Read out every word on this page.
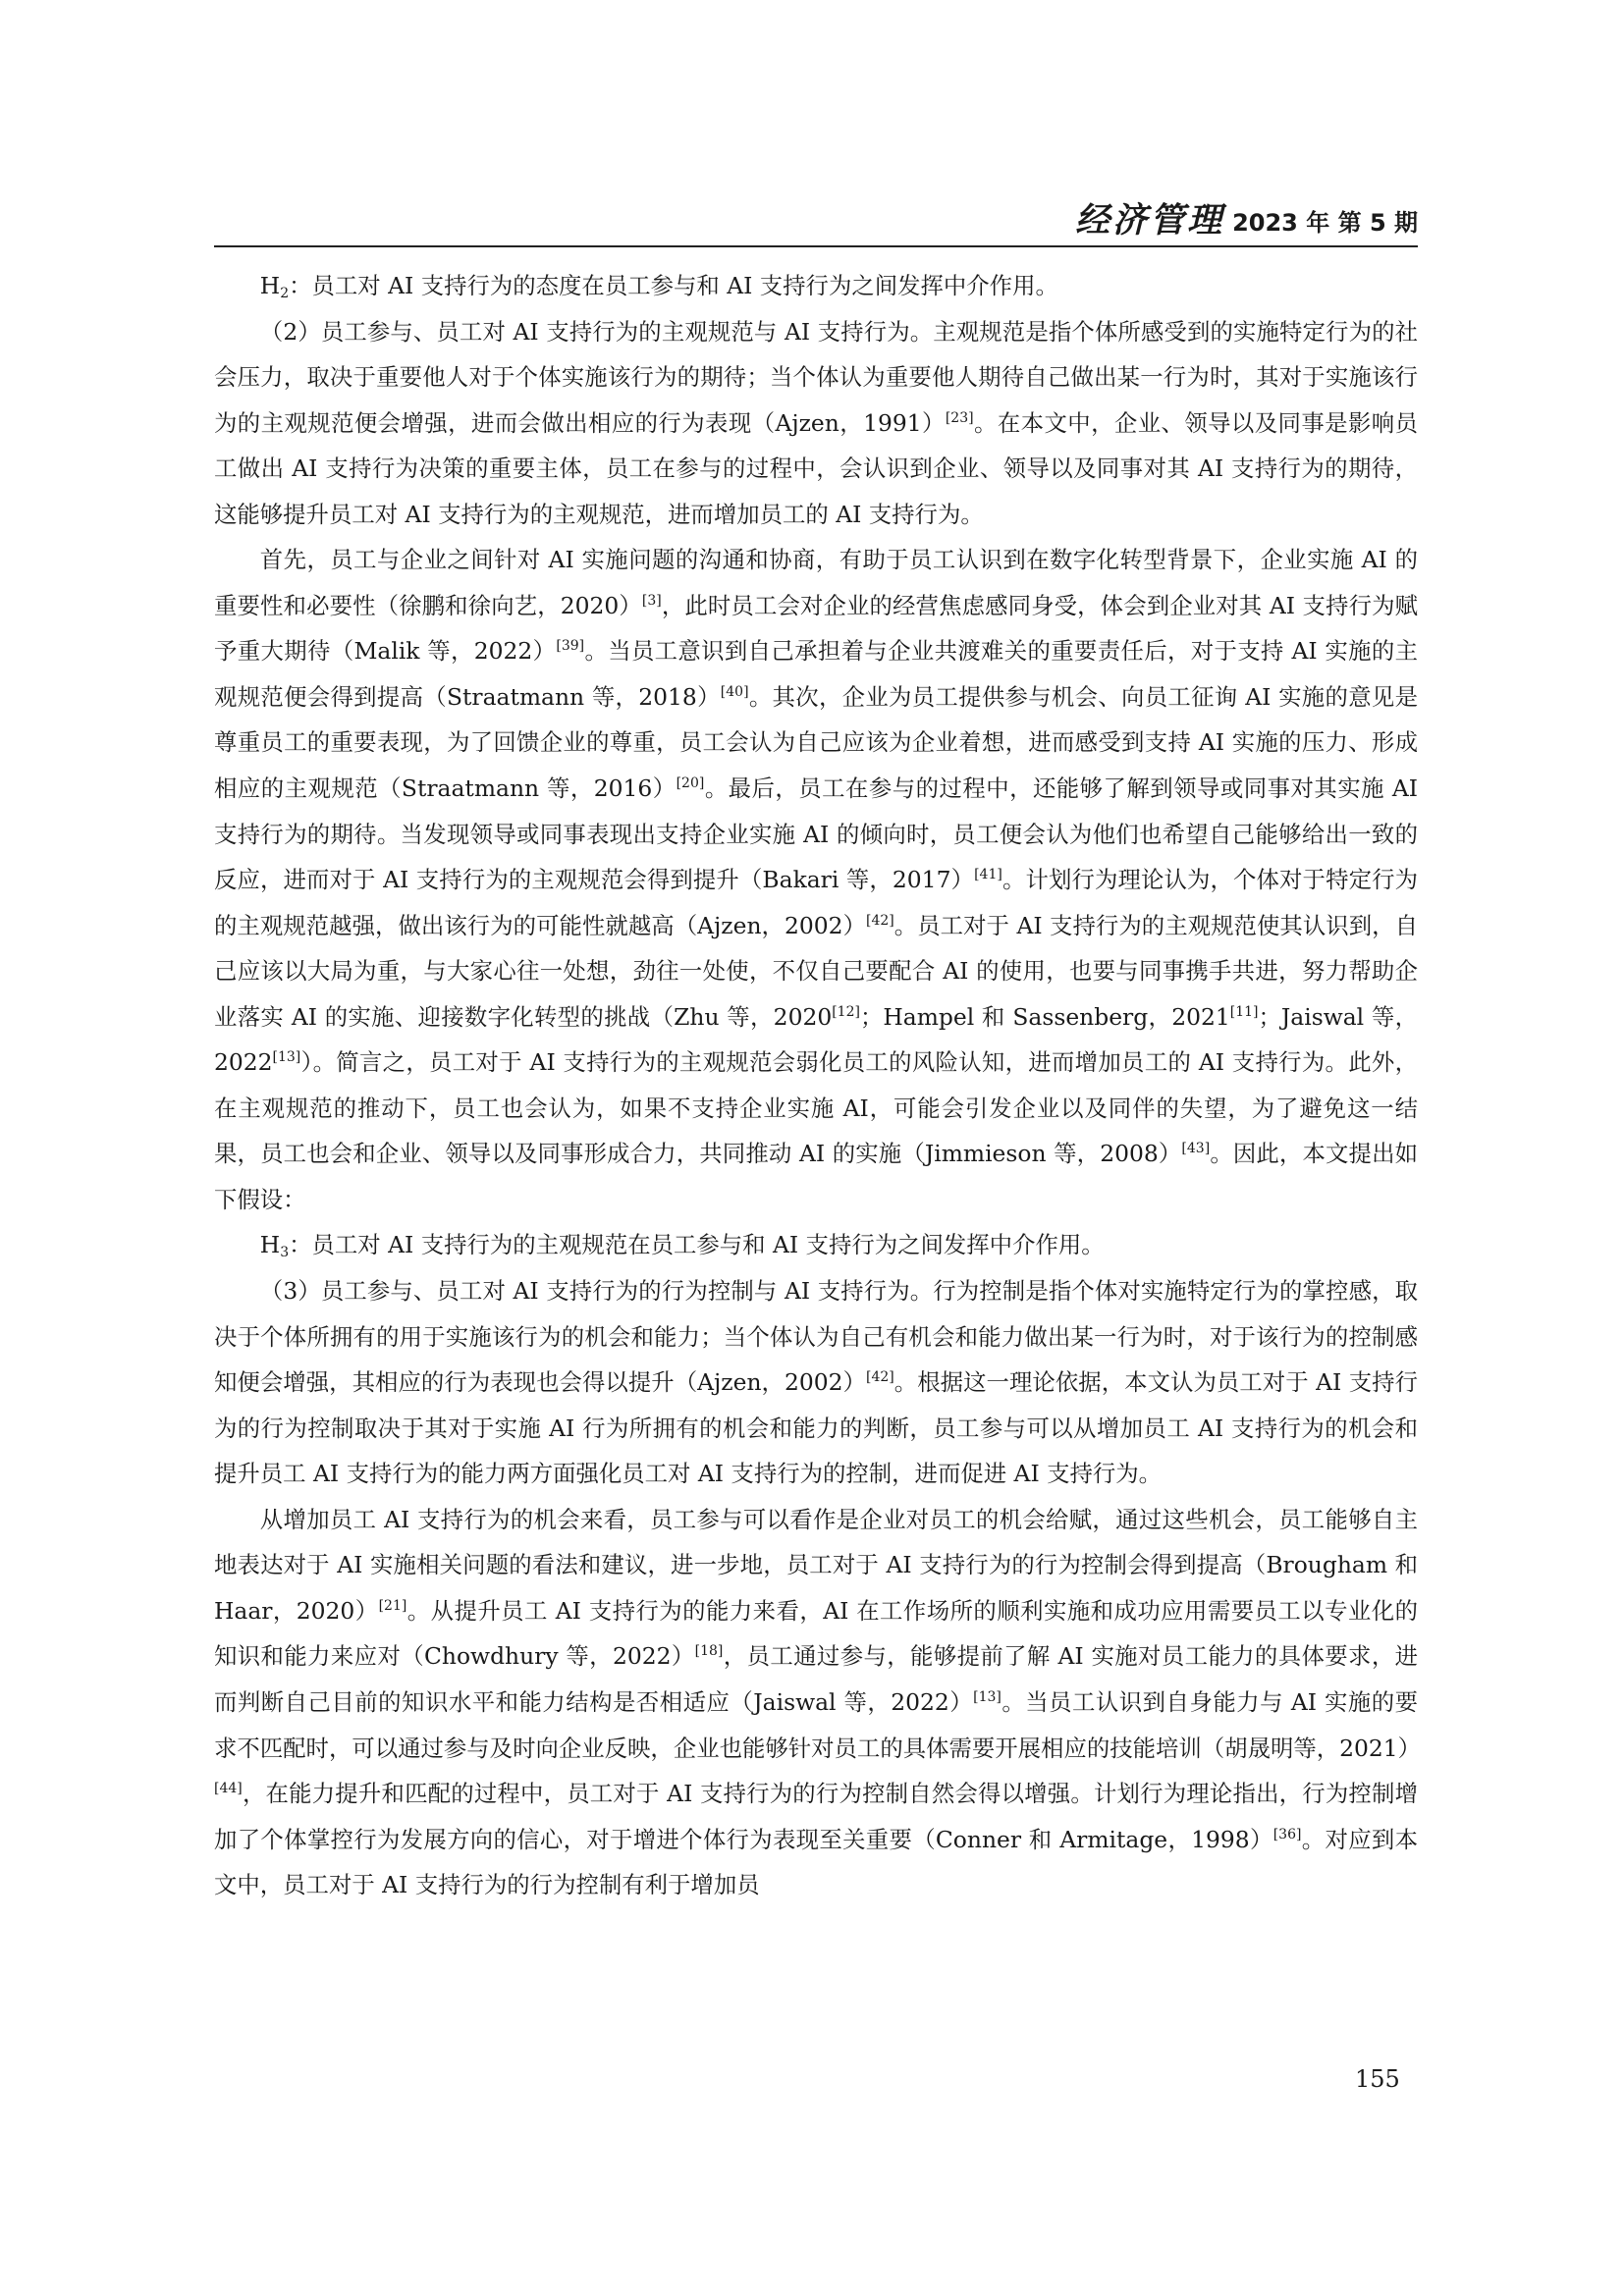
经济管理 2023 年 第 5 期

$H_2$：员工对 AI 支持行为的态度在员工参与和 AI 支持行为之间发挥中介作用。

（2）员工参与、员工对 AI 支持行为的主观规范与 AI 支持行为。主观规范是指个体所感受到的实施特定行为的社会压力，取决于重要他人对于个体实施该行为的期待；当个体认为重要他人期待自己做出某一行为时，其对于实施该行为的主观规范便会增强，进而会做出相应的行为表现（Ajzen，1991）[23]。在本文中，企业、领导以及同事是影响员工做出 AI 支持行为决策的重要主体，员工在参与的过程中，会认识到企业、领导以及同事对其 AI 支持行为的期待，这能够提升员工对 AI 支持行为的主观规范，进而增加员工的 AI 支持行为。

首先，员工与企业之间针对 AI 实施问题的沟通和协商，有助于员工认识到在数字化转型背景下，企业实施 AI 的重要性和必要性（徐鹏和徐向艺，2020）[3]，此时员工会对企业的经营焦虑感同身受，体会到企业对其 AI 支持行为赋予重大期待（Malik 等，2022）[39]。当员工意识到自己承担着与企业共渡难关的重要责任后，对于支持 AI 实施的主观规范便会得到提高（Straatmann 等，2018）[40]。其次，企业为员工提供参与机会、向员工征询 AI 实施的意见是尊重员工的重要表现，为了回馈企业的尊重，员工会认为自己应该为企业着想，进而感受到支持 AI 实施的压力、形成相应的主观规范（Straatmann 等，2016）[20]。最后，员工在参与的过程中，还能够了解到领导或同事对其实施 AI 支持行为的期待。当发现领导或同事表现出支持企业实施 AI 的倾向时，员工便会认为他们也希望自己能够给出一致的反应，进而对于 AI 支持行为的主观规范会得到提升（Bakari 等，2017）[41]。计划行为理论认为，个体对于特定行为的主观规范越强，做出该行为的可能性就越高（Ajzen，2002）[42]。员工对于 AI 支持行为的主观规范使其认识到，自己应该以大局为重，与大家心往一处想，劲往一处使，不仅自己要配合 AI 的使用，也要与同事携手共进，努力帮助企业落实 AI 的实施、迎接数字化转型的挑战（Zhu 等，2020[12]；Hampel 和 Sassenberg，2021[11]；Jaiswal 等，2022[13]）。简言之，员工对于 AI 支持行为的主观规范会弱化员工的风险认知，进而增加员工的 AI 支持行为。此外，在主观规范的推动下，员工也会认为，如果不支持企业实施 AI，可能会引发企业以及同伴的失望，为了避免这一结果，员工也会和企业、领导以及同事形成合力，共同推动 AI 的实施（Jimmieson 等，2008）[43]。因此，本文提出如下假设：

$H_3$：员工对 AI 支持行为的主观规范在员工参与和 AI 支持行为之间发挥中介作用。

（3）员工参与、员工对 AI 支持行为的行为控制与 AI 支持行为。行为控制是指个体对实施特定行为的掌控感，取决于个体所拥有的用于实施该行为的机会和能力；当个体认为自己有机会和能力做出某一行为时，对于该行为的控制感知便会增强，其相应的行为表现也会得以提升（Ajzen，2002）[42]。根据这一理论依据，本文认为员工对于 AI 支持行为的行为控制取决于其对于实施 AI 行为所拥有的机会和能力的判断，员工参与可以从增加员工 AI 支持行为的机会和提升员工 AI 支持行为的能力两方面强化员工对 AI 支持行为的控制，进而促进 AI 支持行为。

从增加员工 AI 支持行为的机会来看，员工参与可以看作是企业对员工的机会给赋，通过这些机会，员工能够自主地表达对于 AI 实施相关问题的看法和建议，进一步地，员工对于 AI 支持行为的行为控制会得到提高（Brougham 和 Haar，2020）[21]。从提升员工 AI 支持行为的能力来看，AI 在工作场所的顺利实施和成功应用需要员工以专业化的知识和能力来应对（Chowdhury 等，2022）[18]，员工通过参与，能够提前了解 AI 实施对员工能力的具体要求，进而判断自己目前的知识水平和能力结构是否相适应（Jaiswal 等，2022）[13]。当员工认识到自身能力与 AI 实施的要求不匹配时，可以通过参与及时向企业反映，企业也能够针对员工的具体需要开展相应的技能培训（胡晟明等，2021）[44]，在能力提升和匹配的过程中，员工对于 AI 支持行为的行为控制自然会得以增强。计划行为理论指出，行为控制增加了个体掌控行为发展方向的信心，对于增进个体行为表现至关重要（Conner 和 Armitage，1998）[36]。对应到本文中，员工对于 AI 支持行为的行为控制有利于增加员

155
